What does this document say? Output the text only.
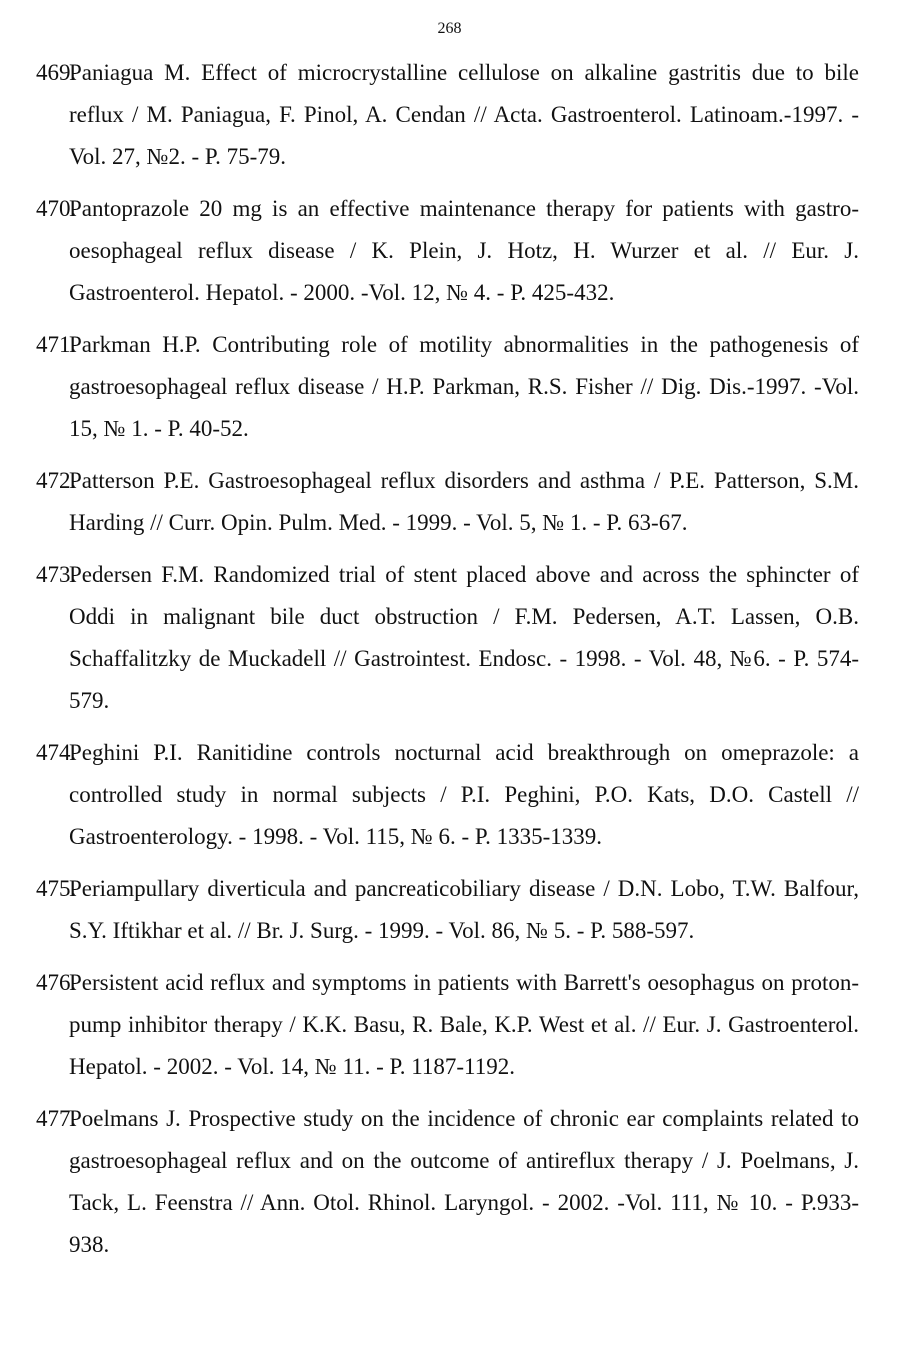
268
469.
Paniagua M. Effect of microcrystalline cellulose on alkaline gastritis due to bile reflux / M. Paniagua, F. Pinol, A. Cendan // Acta. Gastroenterol. Latinoam.-1997. - Vol. 27, №2. - P. 75-79.
470.
Pantoprazole 20 mg is an effective maintenance therapy for patients with gastro-oesophageal reflux disease / K. Plein, J. Hotz, H. Wurzer et al. // Eur. J. Gastroenterol. Hepatol. - 2000. -Vol. 12, № 4. - P. 425-432.
471.
Parkman H.P. Contributing role of motility abnormalities in the pathogenesis of gastroesophageal reflux disease / H.P. Parkman, R.S. Fisher // Dig. Dis.-1997. -Vol. 15, № 1. - P. 40-52.
472.
Patterson P.E. Gastroesophageal reflux disorders and asthma / P.E. Patterson, S.M. Harding // Curr. Opin. Pulm. Med. - 1999. - Vol. 5, № 1. - P. 63-67.
473.
Pedersen F.M. Randomized trial of stent placed above and across the sphincter of Oddi in malignant bile duct obstruction / F.M. Pedersen, A.T. Lassen, O.B. Schaffalitzky de Muckadell // Gastrointest. Endosc. - 1998. - Vol. 48, №6. - P. 574-579.
474.
Peghini P.I. Ranitidine controls nocturnal acid breakthrough on omeprazole: a controlled study in normal subjects / P.I. Peghini, P.O. Kats, D.O. Castell // Gastroenterology. - 1998. - Vol. 115, № 6. - P. 1335-1339.
475.
Periampullary diverticula and pancreaticobiliary disease / D.N. Lobo, T.W. Balfour, S.Y. Iftikhar et al. // Br. J. Surg. - 1999. - Vol. 86, № 5. - P. 588-597.
476.
Persistent acid reflux and symptoms in patients with Barrett's oesophagus on proton-pump inhibitor therapy / K.K. Basu, R. Bale, K.P. West et al. // Eur. J. Gastroenterol. Hepatol. - 2002. - Vol. 14, № 11. - P. 1187-1192.
477.
Poelmans J. Prospective study on the incidence of chronic ear complaints related to gastroesophageal reflux and on the outcome of antireflux therapy / J. Poelmans, J. Tack, L. Feenstra // Ann. Otol. Rhinol. Laryngol. - 2002. -Vol. 111, № 10. - P.933-938.
